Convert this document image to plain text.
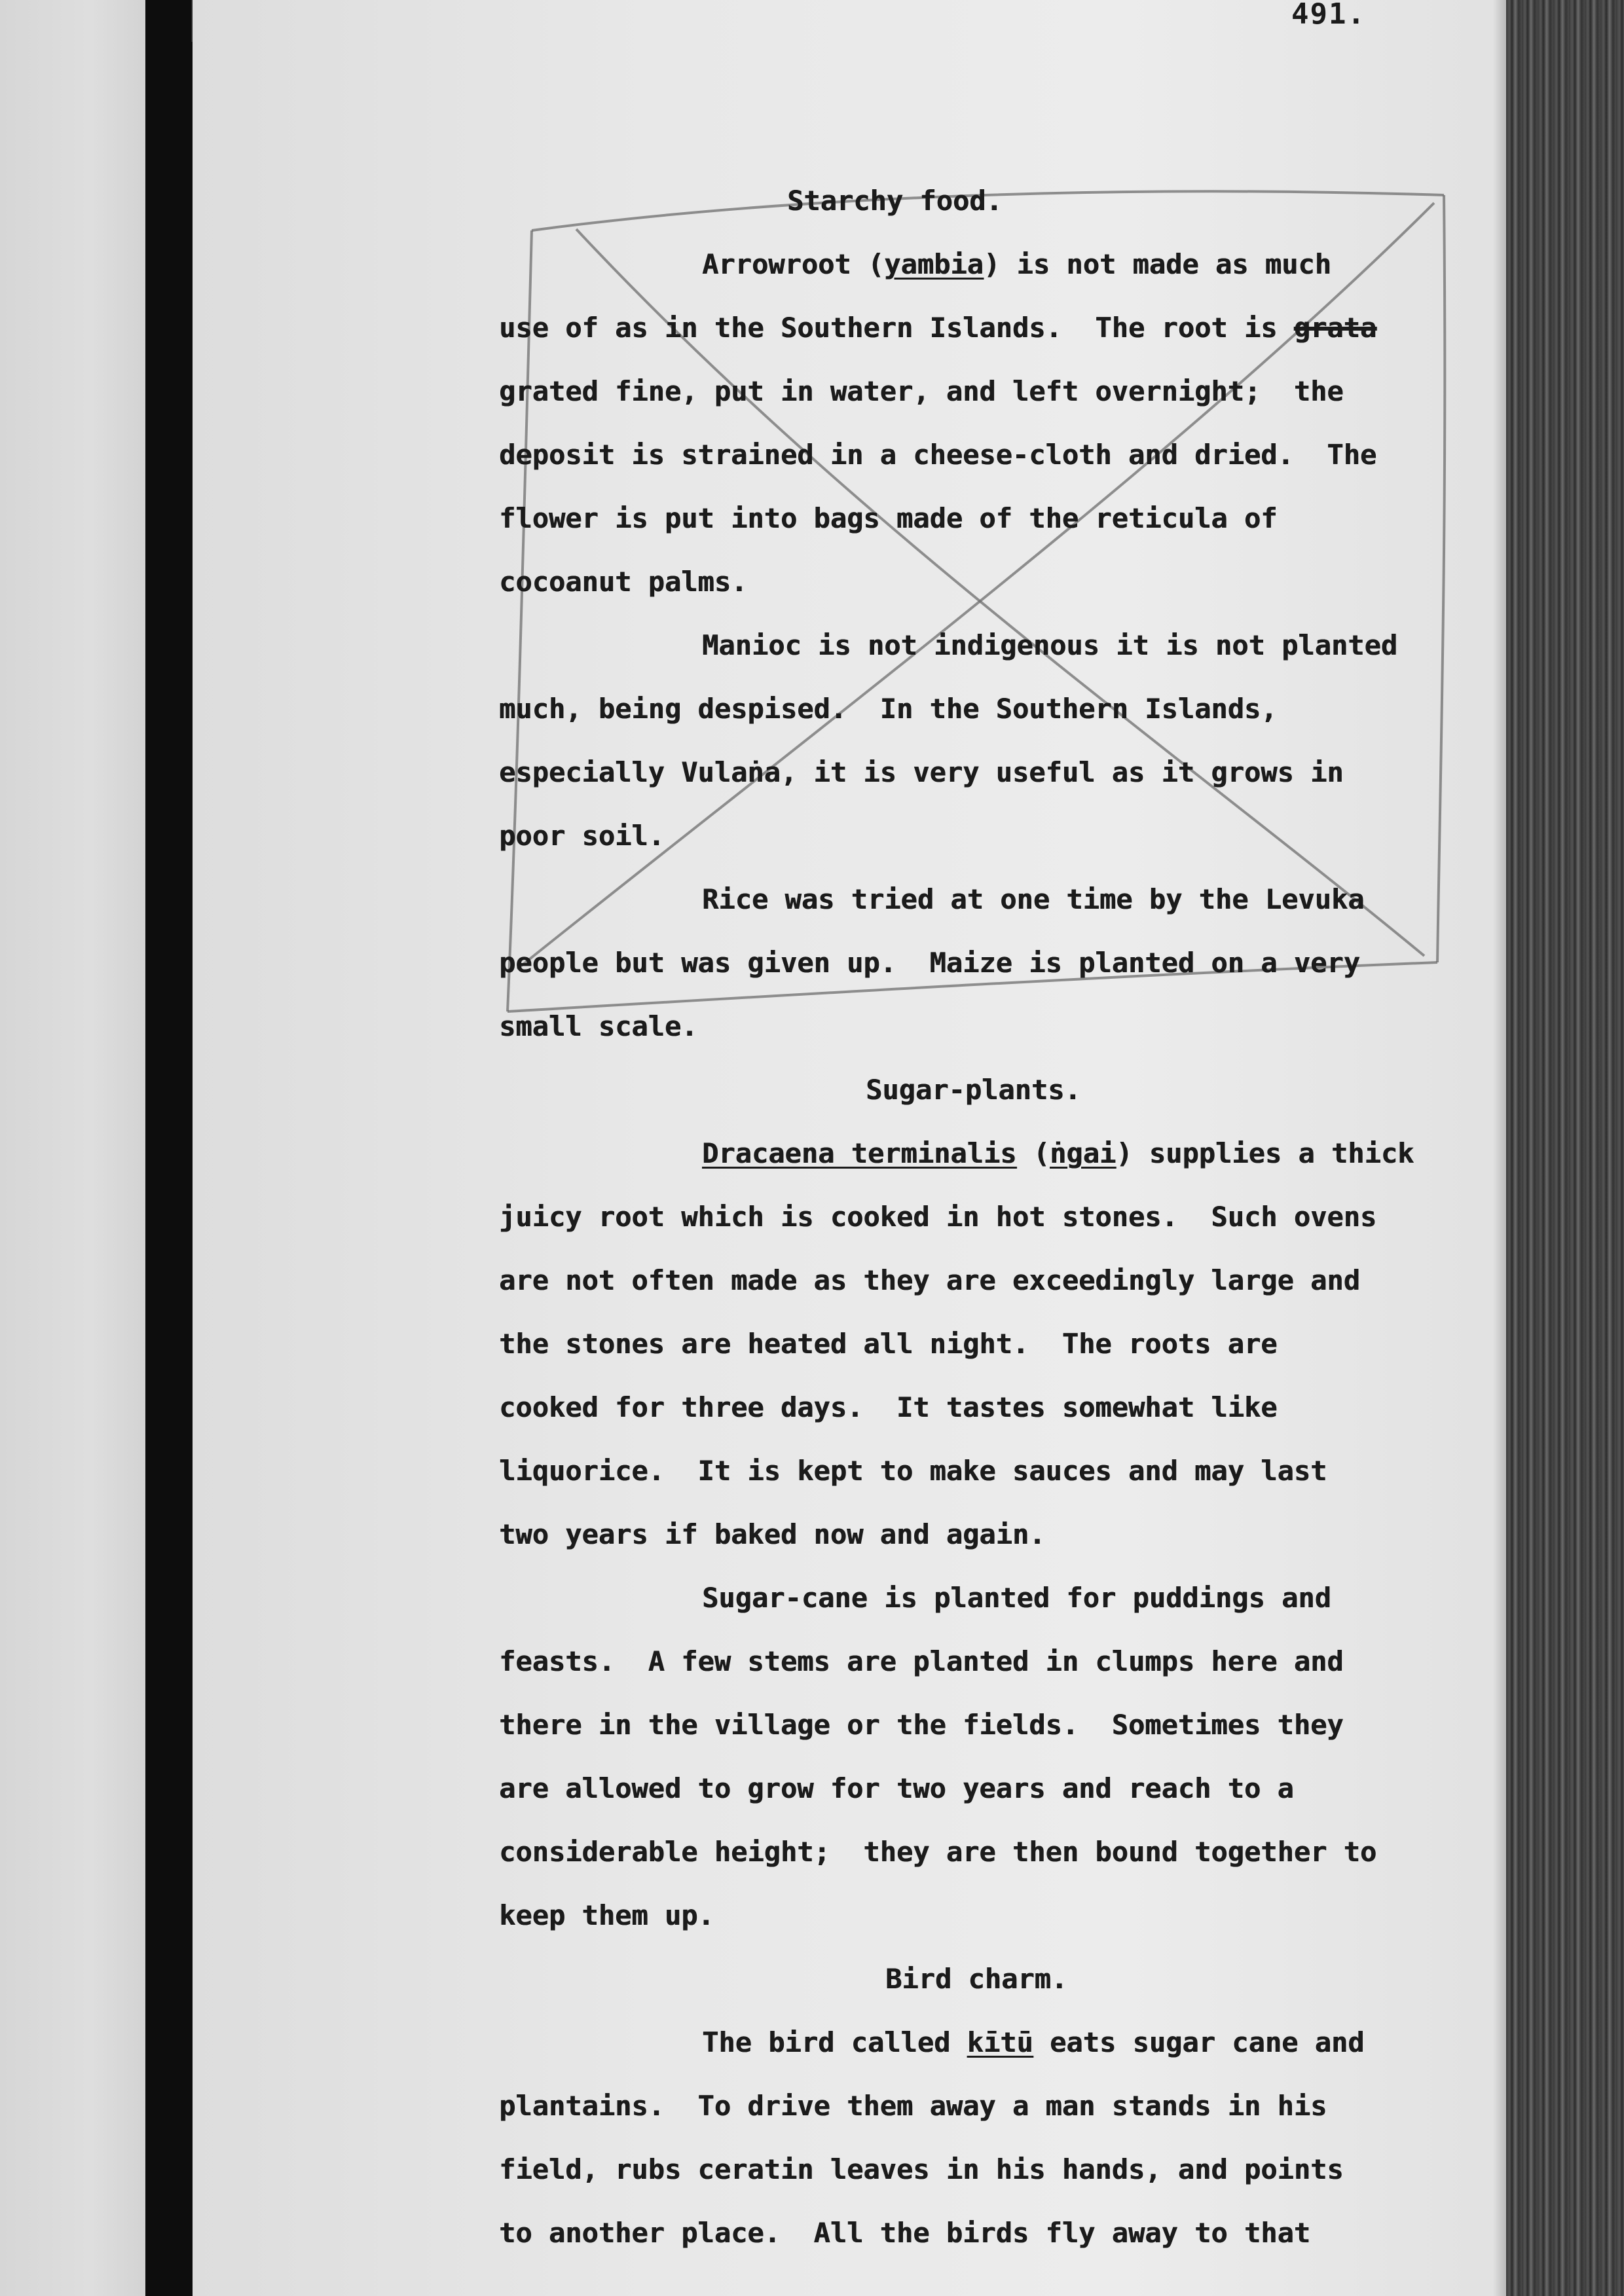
491.

Starchy food.
Arrowroot (yambia) is not made as much
use of as in the Southern Islands.  The root is grata
grated fine, put in water, and left overnight;  the
deposit is strained in a cheese-cloth and dried.  The
flower is put into bags made of the reticula of
cocoanut palms.
Manioc is not indigenous it is not planted
much, being despised.  In the Southern Islands,
especially Vulaṅa, it is very useful as it grows in
poor soil.
Rice was tried at one time by the Levuka
people but was given up.  Maize is planted on a very
small scale.
Sugar-plants.
Dracaena terminalis (ṅgai) supplies a thick
juicy root which is cooked in hot stones.  Such ovens
are not often made as they are exceedingly large and
the stones are heated all night.  The roots are
cooked for three days.  It tastes somewhat like
liquorice.  It is kept to make sauces and may last
two years if baked now and again.
Sugar-cane is planted for puddings and
feasts.  A few stems are planted in clumps here and
there in the village or the fields.  Sometimes they
are allowed to grow for two years and reach to a
considerable height;  they are then bound together to
keep them up.
Bird charm.
The bird called kītū eats sugar cane and
plantains.  To drive them away a man stands in his
field, rubs ceratin leaves in his hands, and points
to another place.  All the birds fly away to that
